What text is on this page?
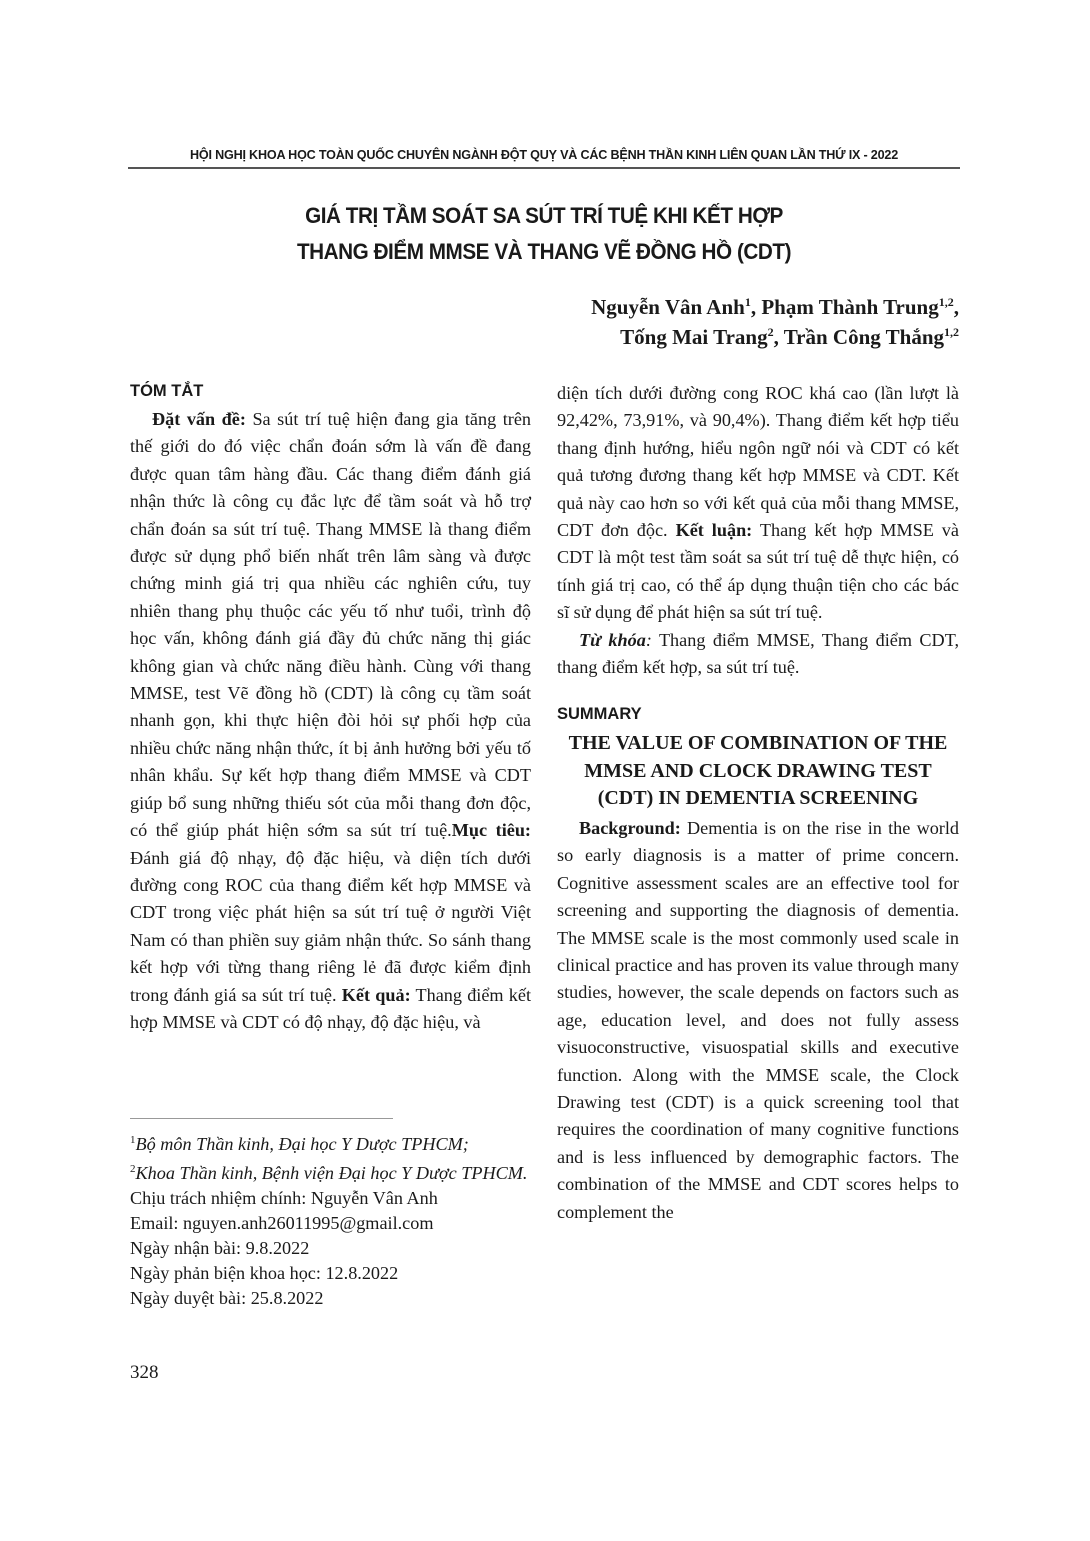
HỘI NGHỊ KHOA HỌC TOÀN QUỐC CHUYÊN NGÀNH ĐỘT QUỴ VÀ CÁC BỆNH THẦN KINH LIÊN QUAN LẦN THỨ IX - 2022
GIÁ TRỊ TẦM SOÁT SA SÚT TRÍ TUỆ KHI KẾT HỢP
THANG ĐIỂM MMSE VÀ THANG VẼ ĐỒNG HỒ (CDT)
Nguyễn Vân Anh$^1$, Phạm Thành Trung$^{1,2}$,
Tống Mai Trang$^2$, Trần Công Thắng$^{1,2}$
TÓM TẮT

Đặt vấn đề: Sa sút trí tuệ hiện đang gia tăng trên thế giới do đó việc chẩn đoán sớm là vấn đề đang được quan tâm hàng đầu. Các thang điểm đánh giá nhận thức là công cụ đắc lực để tầm soát và hỗ trợ chẩn đoán sa sút trí tuệ. Thang MMSE là thang điểm được sử dụng phổ biến nhất trên lâm sàng và được chứng minh giá trị qua nhiều các nghiên cứu, tuy nhiên thang phụ thuộc các yếu tố như tuổi, trình độ học vấn, không đánh giá đầy đủ chức năng thị giác không gian và chức năng điều hành. Cùng với thang MMSE, test Vẽ đồng hồ (CDT) là công cụ tầm soát nhanh gọn, khi thực hiện đòi hỏi sự phối hợp của nhiều chức năng nhận thức, ít bị ảnh hưởng bởi yếu tố nhân khẩu. Sự kết hợp thang điểm MMSE và CDT giúp bổ sung những thiếu sót của mỗi thang đơn độc, có thể giúp phát hiện sớm sa sút trí tuệ.Mục tiêu: Đánh giá độ nhạy, độ đặc hiệu, và diện tích dưới đường cong ROC của thang điểm kết hợp MMSE và CDT trong việc phát hiện sa sút trí tuệ ở người Việt Nam có than phiền suy giảm nhận thức. So sánh thang kết hợp với từng thang riêng lẻ đã được kiểm định trong đánh giá sa sút trí tuệ. Kết quả: Thang điểm kết hợp MMSE và CDT có độ nhạy, độ đặc hiệu, và

$^1$Bộ môn Thần kinh, Đại học Y Dược TPHCM;
$^2$Khoa Thần kinh, Bệnh viện Đại học Y Dược TPHCM.
Chịu trách nhiệm chính: Nguyễn Vân Anh
Email: nguyen.anh26011995@gmail.com
Ngày nhận bài: 9.8.2022
Ngày phản biện khoa học: 12.8.2022
Ngày duyệt bài: 25.8.2022
328

diện tích dưới đường cong ROC khá cao (lần lượt là 92,42%, 73,91%, và 90,4%). Thang điểm kết hợp tiểu thang định hướng, hiểu ngôn ngữ nói và CDT có kết quả tương đương thang kết hợp MMSE và CDT. Kết quả này cao hơn so với kết quả của mỗi thang MMSE, CDT đơn độc. Kết luận: Thang kết hợp MMSE và CDT là một test tầm soát sa sút trí tuệ dễ thực hiện, có tính giá trị cao, có thể áp dụng thuận tiện cho các bác sĩ sử dụng để phát hiện sa sút trí tuệ.

Từ khóa: Thang điểm MMSE, Thang điểm CDT, thang điểm kết hợp, sa sút trí tuệ.

SUMMARY
THE VALUE OF COMBINATION OF THE MMSE AND CLOCK DRAWING TEST (CDT) IN DEMENTIA SCREENING

Background: Dementia is on the rise in the world so early diagnosis is a matter of prime concern. Cognitive assessment scales are an effective tool for screening and supporting the diagnosis of dementia. The MMSE scale is the most commonly used scale in clinical practice and has proven its value through many studies, however, the scale depends on factors such as age, education level, and does not fully assess visuoconstructive, visuospatial skills and executive function. Along with the MMSE scale, the Clock Drawing test (CDT) is a quick screening tool that requires the coordination of many cognitive functions and is less influenced by demographic factors. The combination of the MMSE and CDT scores helps to complement the
